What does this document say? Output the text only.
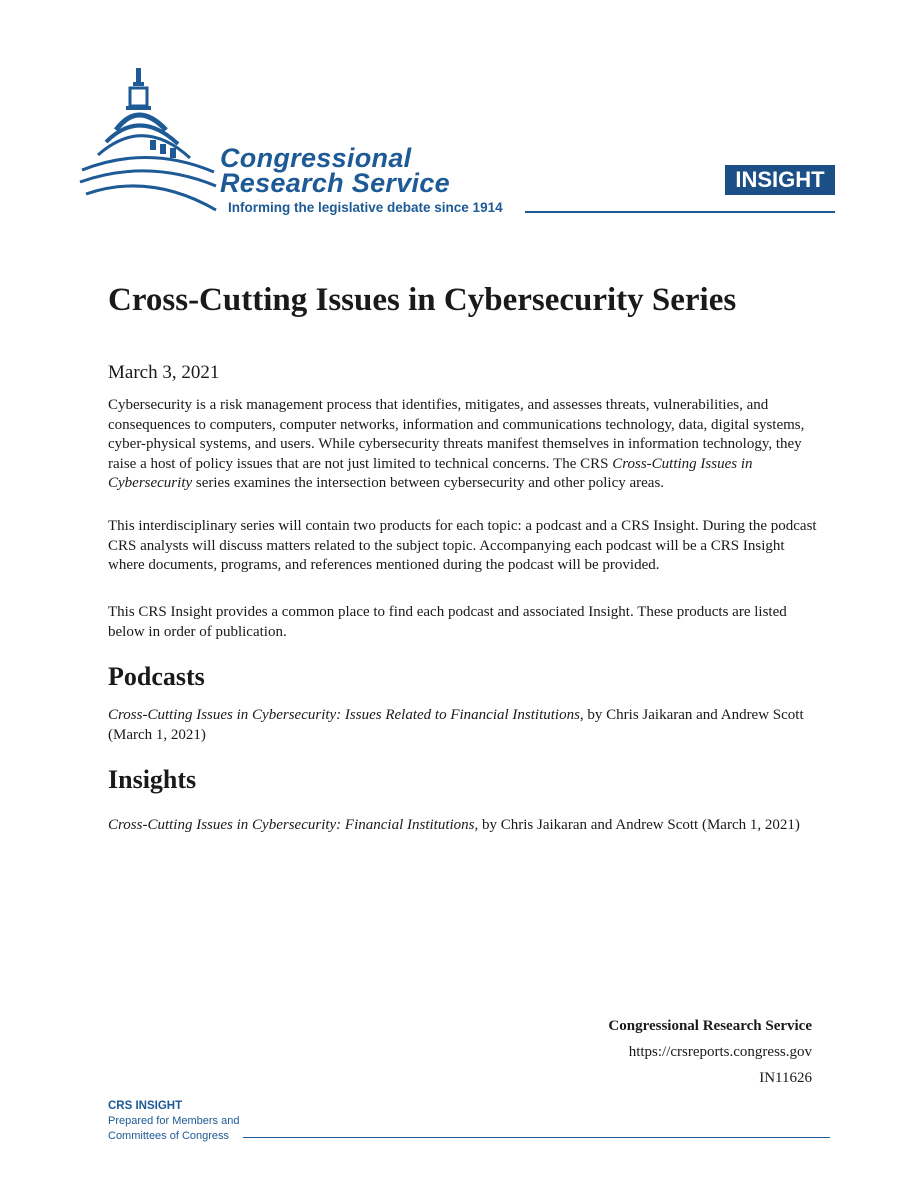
Congressional
Research Service
Informing the legislative debate since 1914
INSIGHT
Cross-Cutting Issues in Cybersecurity Series
March 3, 2021

Cybersecurity is a risk management process that identifies, mitigates, and assesses threats, vulnerabilities, and consequences to computers, computer networks, information and communications technology, data, digital systems, cyber-physical systems, and users. While cybersecurity threats manifest themselves in information technology, they raise a host of policy issues that are not just limited to technical concerns. The CRS Cross-Cutting Issues in Cybersecurity series examines the intersection between cybersecurity and other policy areas.

This interdisciplinary series will contain two products for each topic: a podcast and a CRS Insight. During the podcast CRS analysts will discuss matters related to the subject topic. Accompanying each podcast will be a CRS Insight where documents, programs, and references mentioned during the podcast will be provided.

This CRS Insight provides a common place to find each podcast and associated Insight. These products are listed below in order of publication.

Podcasts

Cross-Cutting Issues in Cybersecurity: Issues Related to Financial Institutions, by Chris Jaikaran and Andrew Scott (March 1, 2021)

Insights

Cross-Cutting Issues in Cybersecurity: Financial Institutions, by Chris Jaikaran and Andrew Scott (March 1, 2021)

Congressional Research Service
https://crsreports.congress.gov
IN11626
CRS INSIGHT
Prepared for Members and
Committees of Congress
